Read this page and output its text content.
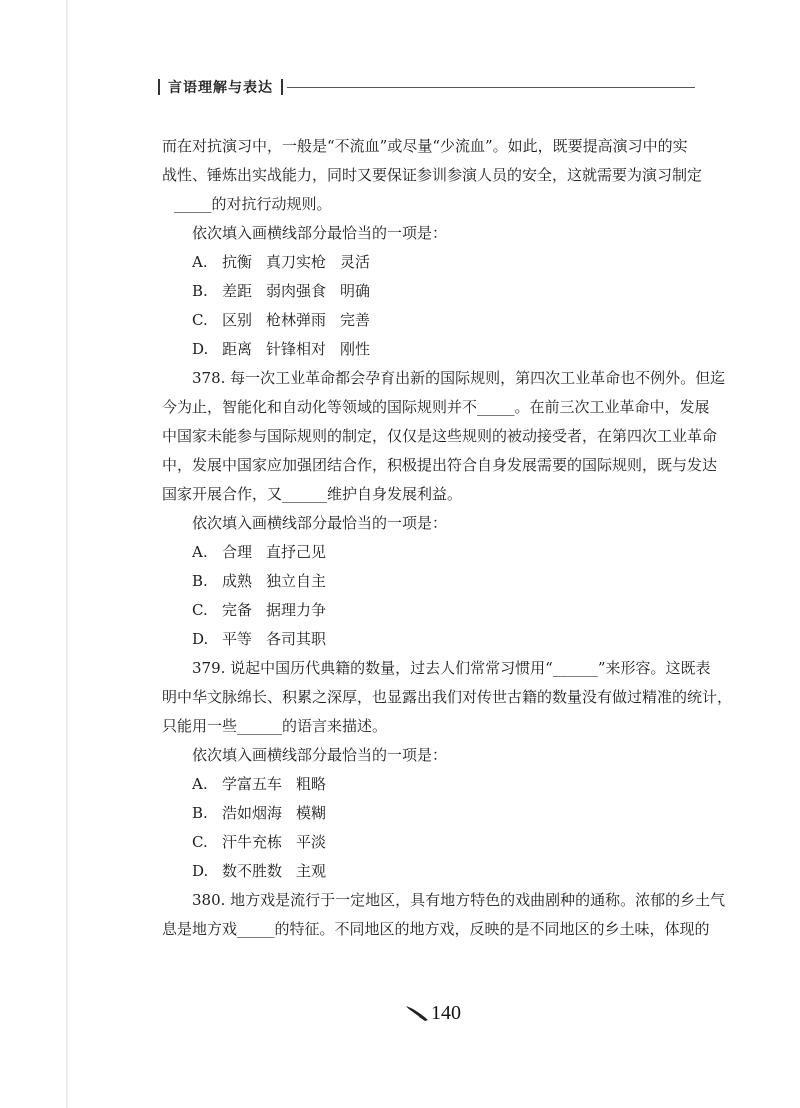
言语理解与表达
而在对抗演习中，一般是“不流血”或尽量“少流血”。如此，既要提高演习中的实
战性、锤炼出实战能力，同时又要保证参训参演人员的安全，这就需要为演习制定
_____的对抗行动规则。
依次填入画横线部分最恰当的一项是：
A. 抗衡 真刀实枪 灵活
B. 差距 弱肉强食 明确
C. 区别 枪林弹雨 完善
D. 距离 针锋相对 刚性
378. 每一次工业革命都会孕育出新的国际规则，第四次工业革命也不例外。但迄
今为止，智能化和自动化等领域的国际规则并不_____。在前三次工业革命中，发展
中国家未能参与国际规则的制定，仅仅是这些规则的被动接受者，在第四次工业革命
中，发展中国家应加强团结合作，积极提出符合自身发展需要的国际规则，既与发达
国家开展合作，又______维护自身发展利益。
依次填入画横线部分最恰当的一项是：
A. 合理 直抒己见
B. 成熟 独立自主
C. 完备 据理力争
D. 平等 各司其职
379. 说起中国历代典籍的数量，过去人们常常习惯用“______”来形容。这既表
明中华文脉绵长、积累之深厚，也显露出我们对传世古籍的数量没有做过精准的统计，
只能用一些______的语言来描述。
依次填入画横线部分最恰当的一项是：
A. 学富五车 粗略
B. 浩如烟海 模糊
C. 汗牛充栋 平淡
D. 数不胜数 主观
380. 地方戏是流行于一定地区，具有地方特色的戏曲剧种的通称。浓郁的乡土气
息是地方戏_____的特征。不同地区的地方戏，反映的是不同地区的乡土味，体现的
140
